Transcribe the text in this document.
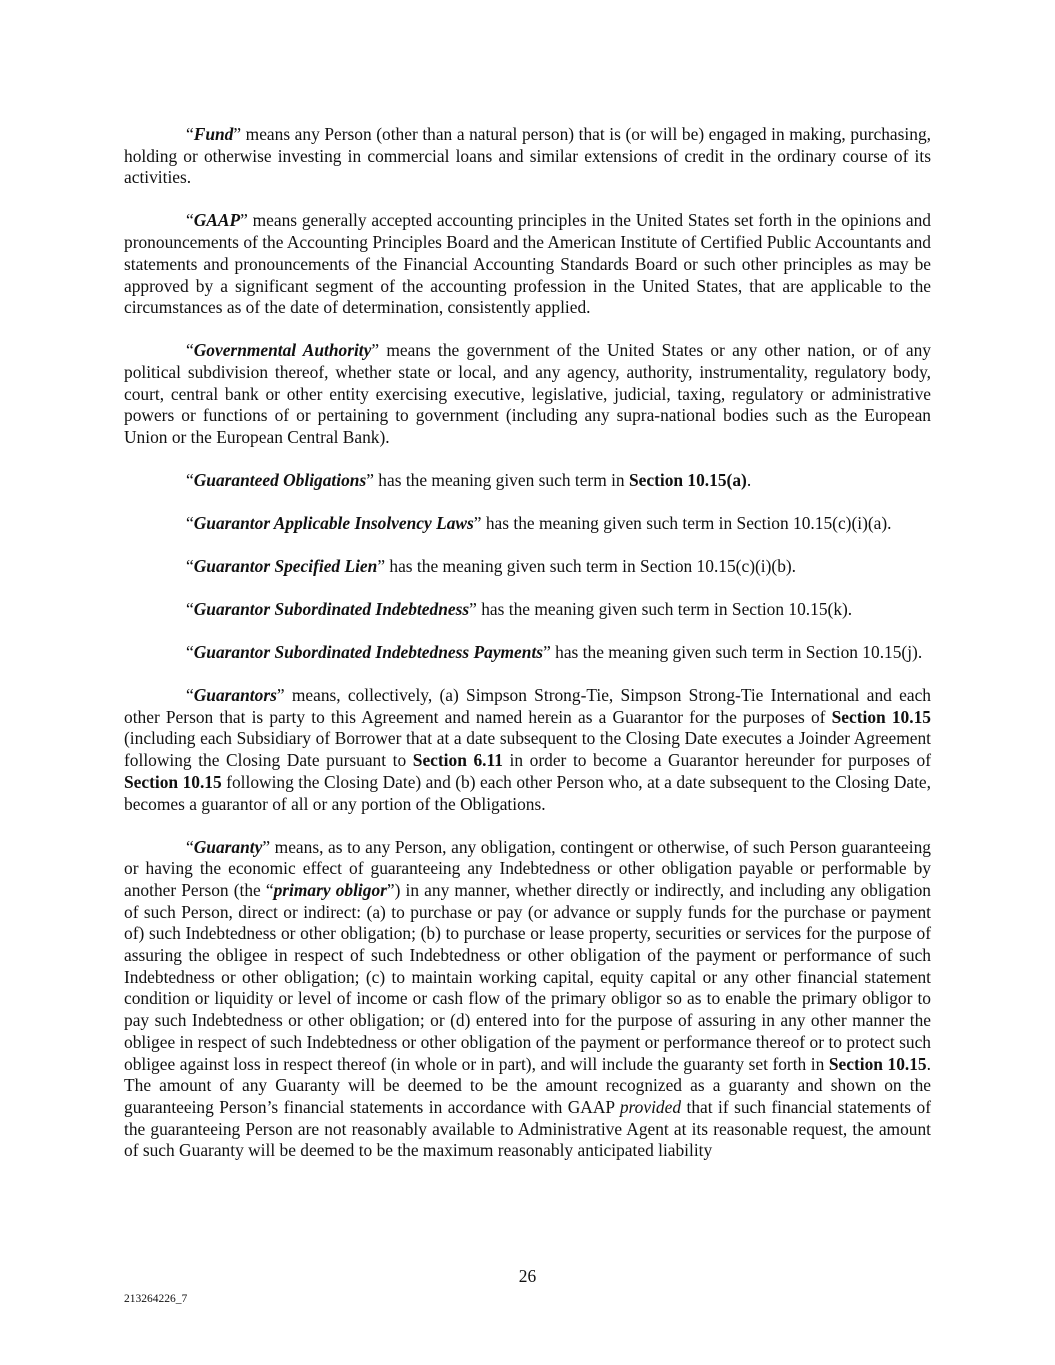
“Fund” means any Person (other than a natural person) that is (or will be) engaged in making, purchasing, holding or otherwise investing in commercial loans and similar extensions of credit in the ordinary course of its activities.

“GAAP” means generally accepted accounting principles in the United States set forth in the opinions and pronouncements of the Accounting Principles Board and the American Institute of Certified Public Accountants and statements and pronouncements of the Financial Accounting Standards Board or such other principles as may be approved by a significant segment of the accounting profession in the United States, that are applicable to the circumstances as of the date of determination, consistently applied.

“Governmental Authority” means the government of the United States or any other nation, or of any political subdivision thereof, whether state or local, and any agency, authority, instrumentality, regulatory body, court, central bank or other entity exercising executive, legislative, judicial, taxing, regulatory or administrative powers or functions of or pertaining to government (including any supra-national bodies such as the European Union or the European Central Bank).

“Guaranteed Obligations” has the meaning given such term in Section 10.15(a).

“Guarantor Applicable Insolvency Laws” has the meaning given such term in Section 10.15(c)(i)(a).

“Guarantor Specified Lien” has the meaning given such term in Section 10.15(c)(i)(b).

“Guarantor Subordinated Indebtedness” has the meaning given such term in Section 10.15(k).

“Guarantor Subordinated Indebtedness Payments” has the meaning given such term in Section 10.15(j).

“Guarantors” means, collectively, (a) Simpson Strong-Tie, Simpson Strong-Tie International and each other Person that is party to this Agreement and named herein as a Guarantor for the purposes of Section 10.15 (including each Subsidiary of Borrower that at a date subsequent to the Closing Date executes a Joinder Agreement following the Closing Date pursuant to Section 6.11 in order to become a Guarantor hereunder for purposes of Section 10.15 following the Closing Date) and (b) each other Person who, at a date subsequent to the Closing Date, becomes a guarantor of all or any portion of the Obligations.

“Guaranty” means, as to any Person, any obligation, contingent or otherwise, of such Person guaranteeing or having the economic effect of guaranteeing any Indebtedness or other obligation payable or performable by another Person (the “primary obligor”) in any manner, whether directly or indirectly, and including any obligation of such Person, direct or indirect: (a) to purchase or pay (or advance or supply funds for the purchase or payment of) such Indebtedness or other obligation; (b) to purchase or lease property, securities or services for the purpose of assuring the obligee in respect of such Indebtedness or other obligation of the payment or performance of such Indebtedness or other obligation; (c) to maintain working capital, equity capital or any other financial statement condition or liquidity or level of income or cash flow of the primary obligor so as to enable the primary obligor to pay such Indebtedness or other obligation; or (d) entered into for the purpose of assuring in any other manner the obligee in respect of such Indebtedness or other obligation of the payment or performance thereof or to protect such obligee against loss in respect thereof (in whole or in part), and will include the guaranty set forth in Section 10.15. The amount of any Guaranty will be deemed to be the amount recognized as a guaranty and shown on the guaranteeing Person’s financial statements in accordance with GAAP provided that if such financial statements of the guaranteeing Person are not reasonably available to Administrative Agent at its reasonable request, the amount of such Guaranty will be deemed to be the maximum reasonably anticipated liability

26
213264226_7
